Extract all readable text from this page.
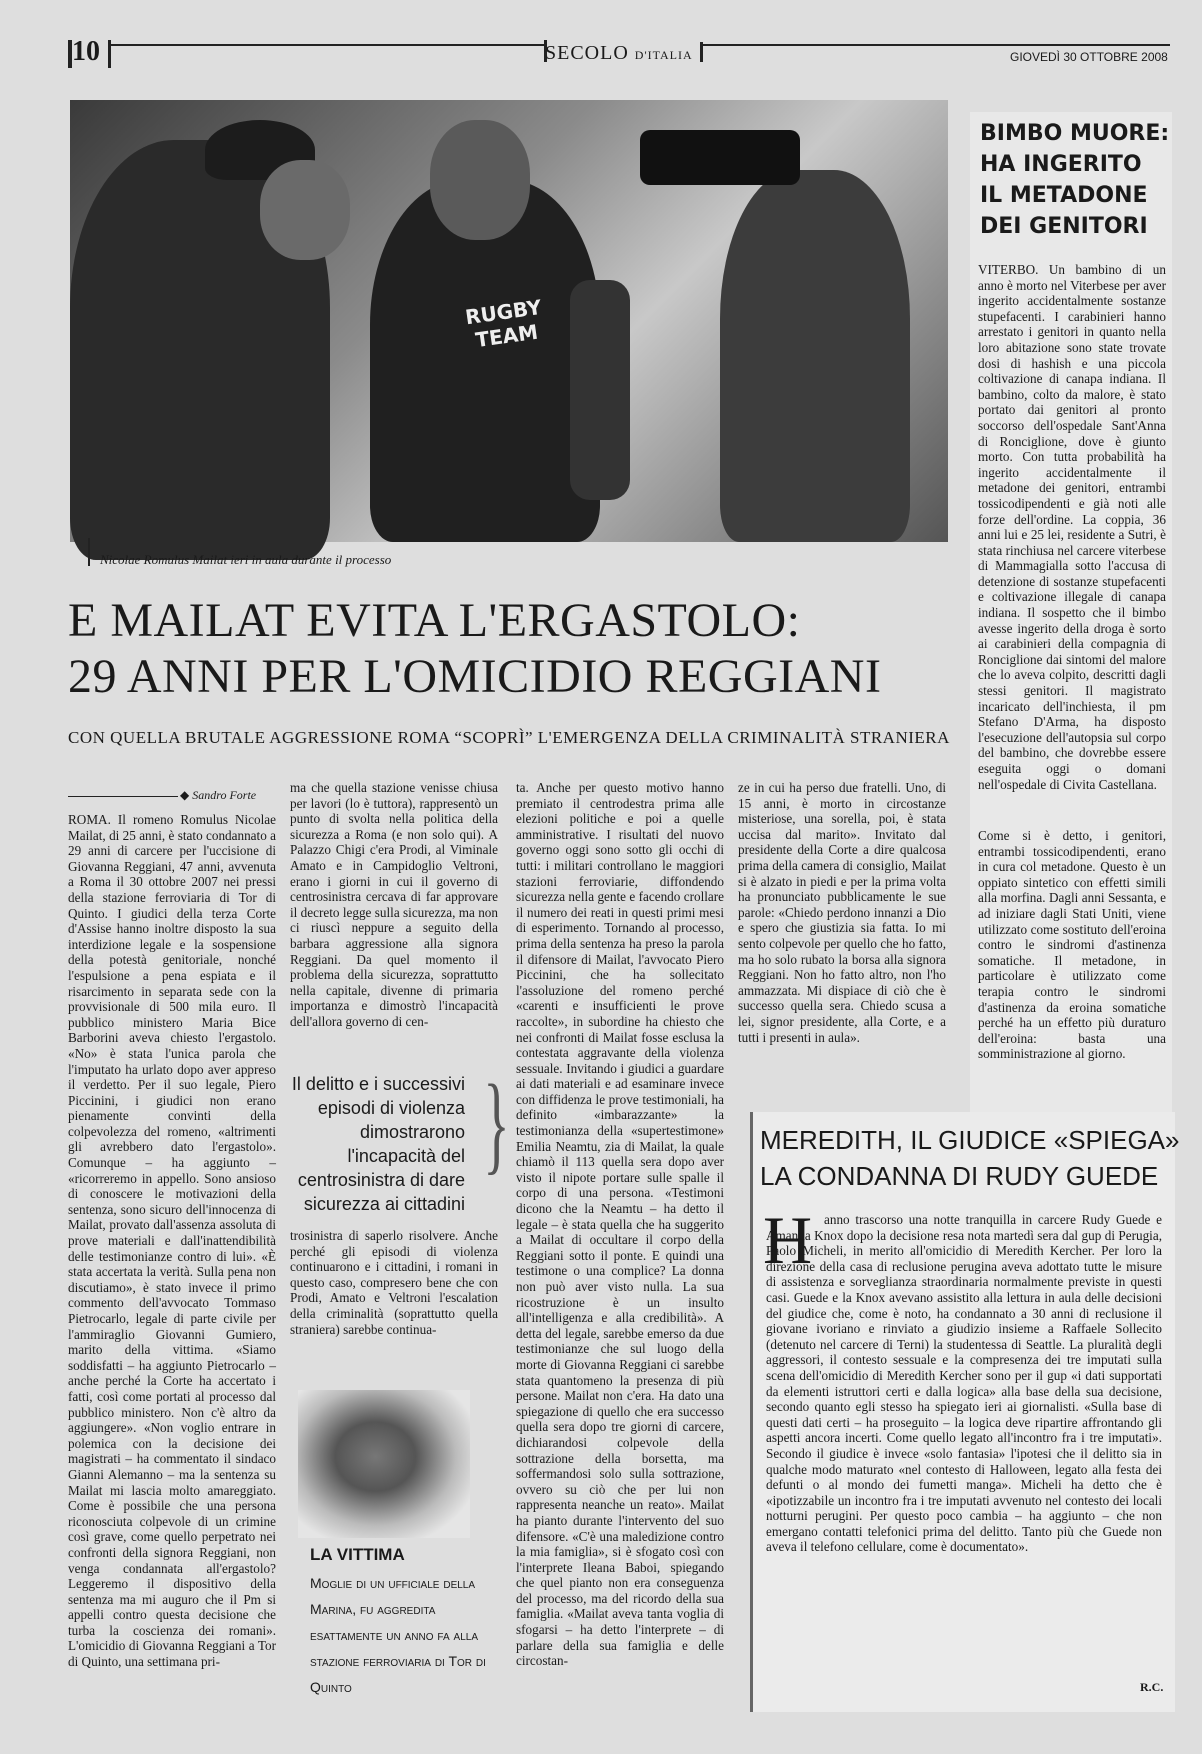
10	SECOLO D'ITALIA	GIOVEDÌ 30 OTTOBRE 2008
RUGBY TEAM
Nicolae Romulus Mailat ieri in aula durante il processo
E MAILAT EVITA L'ERGASTOLO:
29 ANNI PER L'OMICIDIO REGGIANI
CON QUELLA BRUTALE AGGRESSIONE ROMA “SCOPRÌ” L'EMERGENZA DELLA CRIMINALITÀ STRANIERA
◆ Sandro Forte

ROMA. Il romeno Romulus Nicolae Mailat, di 25 anni, è stato condannato a 29 anni di carcere per l'uccisione di Giovanna Reggiani, 47 anni, avvenuta a Roma il 30 ottobre 2007 nei pressi della stazione ferroviaria di Tor di Quinto. I giudici della terza Corte d'Assise hanno inoltre disposto la sua interdizione legale e la sospensione della potestà genitoriale, nonché l'espulsione a pena espiata e il risarcimento in separata sede con la provvisionale di 500 mila euro. Il pubblico ministero Maria Bice Barborini aveva chiesto l'ergastolo. «No» è stata l'unica parola che l'imputato ha urlato dopo aver appreso il verdetto. Per il suo legale, Piero Piccinini, i giudici non erano pienamente convinti della colpevolezza del romeno, «altrimenti gli avrebbero dato l'ergastolo». Comunque – ha aggiunto – «ricorreremo in appello. Sono ansioso di conoscere le motivazioni della sentenza, sono sicuro dell'innocenza di Mailat, provato dall'assenza assoluta di prove materiali e dall'inattendibilità delle testimonianze contro di lui». «È stata accertata la verità. Sulla pena non discutiamo», è stato invece il primo commento dell'avvocato Tommaso Pietrocarlo, legale di parte civile per l'ammiraglio Giovanni Gumiero, marito della vittima. «Siamo soddisfatti – ha aggiunto Pietrocarlo – anche perché la Corte ha accertato i fatti, così come portati al processo dal pubblico ministero. Non c'è altro da aggiungere». «Non voglio entrare in polemica con la decisione dei magistrati – ha commentato il sindaco Gianni Alemanno – ma la sentenza su Mailat mi lascia molto amareggiato. Come è possibile che una persona riconosciuta colpevole di un crimine così grave, come quello perpetrato nei confronti della signora Reggiani, non venga condannata all'ergastolo? Leggeremo il dispositivo della sentenza ma mi auguro che il Pm si appelli contro questa decisione che turba la coscienza dei romani». L'omicidio di Giovanna Reggiani a Tor di Quinto, una settimana pri-

ma che quella stazione venisse chiusa per lavori (lo è tuttora), rappresentò un punto di svolta nella politica della sicurezza a Roma (e non solo qui). A Palazzo Chigi c'era Prodi, al Viminale Amato e in Campidoglio Veltroni, erano i giorni in cui il governo di centrosinistra cercava di far approvare il decreto legge sulla sicurezza, ma non ci riuscì neppure a seguito della barbara aggressione alla signora Reggiani. Da quel momento il problema della sicurezza, soprattutto nella capitale, divenne di primaria importanza e dimostrò l'incapacità dell'allora governo di cen-

Il delitto e i successivi episodi di violenza dimostrarono l'incapacità del centrosinistra di dare sicurezza ai cittadini
}

trosinistra di saperlo risolvere. Anche perché gli episodi di violenza continuarono e i cittadini, i romani in questo caso, compresero bene che con Prodi, Amato e Veltroni l'escalation della criminalità (soprattutto quella straniera) sarebbe continua-

LA VITTIMA
Moglie di un ufficiale della Marina, fu aggredita esattamente un anno fa alla stazione ferroviaria di Tor di Quinto

ta. Anche per questo motivo hanno premiato il centrodestra prima alle elezioni politiche e poi a quelle amministrative. I risultati del nuovo governo oggi sono sotto gli occhi di tutti: i militari controllano le maggiori stazioni ferroviarie, diffondendo sicurezza nella gente e facendo crollare il numero dei reati in questi primi mesi di esperimento. Tornando al processo, prima della sentenza ha preso la parola il difensore di Mailat, l'avvocato Piero Piccinini, che ha sollecitato l'assoluzione del romeno perché «carenti e insufficienti le prove raccolte», in subordine ha chiesto che nei confronti di Mailat fosse esclusa la contestata aggravante della violenza sessuale. Invitando i giudici a guardare ai dati materiali e ad esaminare invece con diffidenza le prove testimoniali, ha definito «imbarazzante» la testimonianza della «supertestimone» Emilia Neamtu, zia di Mailat, la quale chiamò il 113 quella sera dopo aver visto il nipote portare sulle spalle il corpo di una persona. «Testimoni dicono che la Neamtu – ha detto il legale – è stata quella che ha suggerito a Mailat di occultare il corpo della Reggiani sotto il ponte. E quindi una testimone o una complice? La donna non può aver visto nulla. La sua ricostruzione è un insulto all'intelligenza e alla credibilità». A detta del legale, sarebbe emerso da due testimonianze che sul luogo della morte di Giovanna Reggiani ci sarebbe stata quantomeno la presenza di più persone. Mailat non c'era. Ha dato una spiegazione di quello che era successo quella sera dopo tre giorni di carcere, dichiarandosi colpevole della sottrazione della borsetta, ma soffermandosi solo sulla sottrazione, ovvero su ciò che per lui non rappresenta neanche un reato». Mailat ha pianto durante l'intervento del suo difensore. «C'è una maledizione contro la mia famiglia», si è sfogato così con l'interprete Ileana Baboi, spiegando che quel pianto non era conseguenza del processo, ma del ricordo della sua famiglia. «Mailat aveva tanta voglia di sfogarsi – ha detto l'interprete – di parlare della sua famiglia e delle circostan-

ze in cui ha perso due fratelli. Uno, di 15 anni, è morto in circostanze misteriose, una sorella, poi, è stata uccisa dal marito». Invitato dal presidente della Corte a dire qualcosa prima della camera di consiglio, Mailat si è alzato in piedi e per la prima volta ha pronunciato pubblicamente le sue parole: «Chiedo perdono innanzi a Dio e spero che giustizia sia fatta. Io mi sento colpevole per quello che ho fatto, ma ho solo rubato la borsa alla signora Reggiani. Non ho fatto altro, non l'ho ammazzata. Mi dispiace di ciò che è successo quella sera. Chiedo scusa a lei, signor presidente, alla Corte, e a tutti i presenti in aula».

BIMBO MUORE: HA INGERITO IL METADONE DEI GENITORI

VITERBO. Un bambino di un anno è morto nel Viterbese per aver ingerito accidentalmente sostanze stupefacenti. I carabinieri hanno arrestato i genitori in quanto nella loro abitazione sono state trovate dosi di hashish e una piccola coltivazione di canapa indiana. Il bambino, colto da malore, è stato portato dai genitori al pronto soccorso dell'ospedale Sant'Anna di Ronciglione, dove è giunto morto. Con tutta probabilità ha ingerito accidentalmente il metadone dei genitori, entrambi tossicodipendenti e già noti alle forze dell'ordine. La coppia, 36 anni lui e 25 lei, residente a Sutri, è stata rinchiusa nel carcere viterbese di Mammagialla sotto l'accusa di detenzione di sostanze stupefacenti e coltivazione illegale di canapa indiana. Il sospetto che il bimbo avesse ingerito della droga è sorto ai carabinieri della compagnia di Ronciglione dai sintomi del malore che lo aveva colpito, descritti dagli stessi genitori. Il magistrato incaricato dell'inchiesta, il pm Stefano D'Arma, ha disposto l'esecuzione dell'autopsia sul corpo del bambino, che dovrebbe essere eseguita oggi o domani nell'ospedale di Civita Castellana.

Come si è detto, i genitori, entrambi tossicodipendenti, erano in cura col metadone. Questo è un oppiato sintetico con effetti simili alla morfina. Dagli anni Sessanta, e ad iniziare dagli Stati Uniti, viene utilizzato come sostituto dell'eroina contro le sindromi d'astinenza somatiche. Il metadone, in particolare è utilizzato come terapia contro le sindromi d'astinenza da eroina somatiche perché ha un effetto più duraturo dell'eroina: basta una somministrazione al giorno.

MEREDITH, IL GIUDICE «SPIEGA»
LA CONDANNA DI RUDY GUEDE
H anno trascorso una notte tranquilla in carcere Rudy Guede e Amanda Knox dopo la decisione resa nota martedì sera dal gup di Perugia, Paolo Micheli, in merito all'omicidio di Meredith Kercher. Per loro la direzione della casa di reclusione perugina aveva adottato tutte le misure di assistenza e sorveglianza straordinaria normalmente previste in questi casi. Guede e la Knox avevano assistito alla lettura in aula delle decisioni del giudice che, come è noto, ha condannato a 30 anni di reclusione il giovane ivoriano e rinviato a giudizio insieme a Raffaele Sollecito (detenuto nel carcere di Terni) la studentessa di Seattle. La pluralità degli aggressori, il contesto sessuale e la compresenza dei tre imputati sulla scena dell'omicidio di Meredith Kercher sono per il gup «i dati supportati da elementi istruttori certi e dalla logica» alla base della sua decisione, secondo quanto egli stesso ha spiegato ieri ai giornalisti. «Sulla base di questi dati certi – ha proseguito – la logica deve ripartire affrontando gli aspetti ancora incerti. Come quello legato all'incontro fra i tre imputati». Secondo il giudice è invece «solo fantasia» l'ipotesi che il delitto sia in qualche modo maturato «nel contesto di Halloween, legato alla festa dei defunti o al mondo dei fumetti manga». Micheli ha detto che è «ipotizzabile un incontro fra i tre imputati avvenuto nel contesto dei locali notturni perugini. Per questo poco cambia – ha aggiunto – che non emergano contatti telefonici prima del delitto. Tanto più che Guede non aveva il telefono cellulare, come è documentato».

R.C.
